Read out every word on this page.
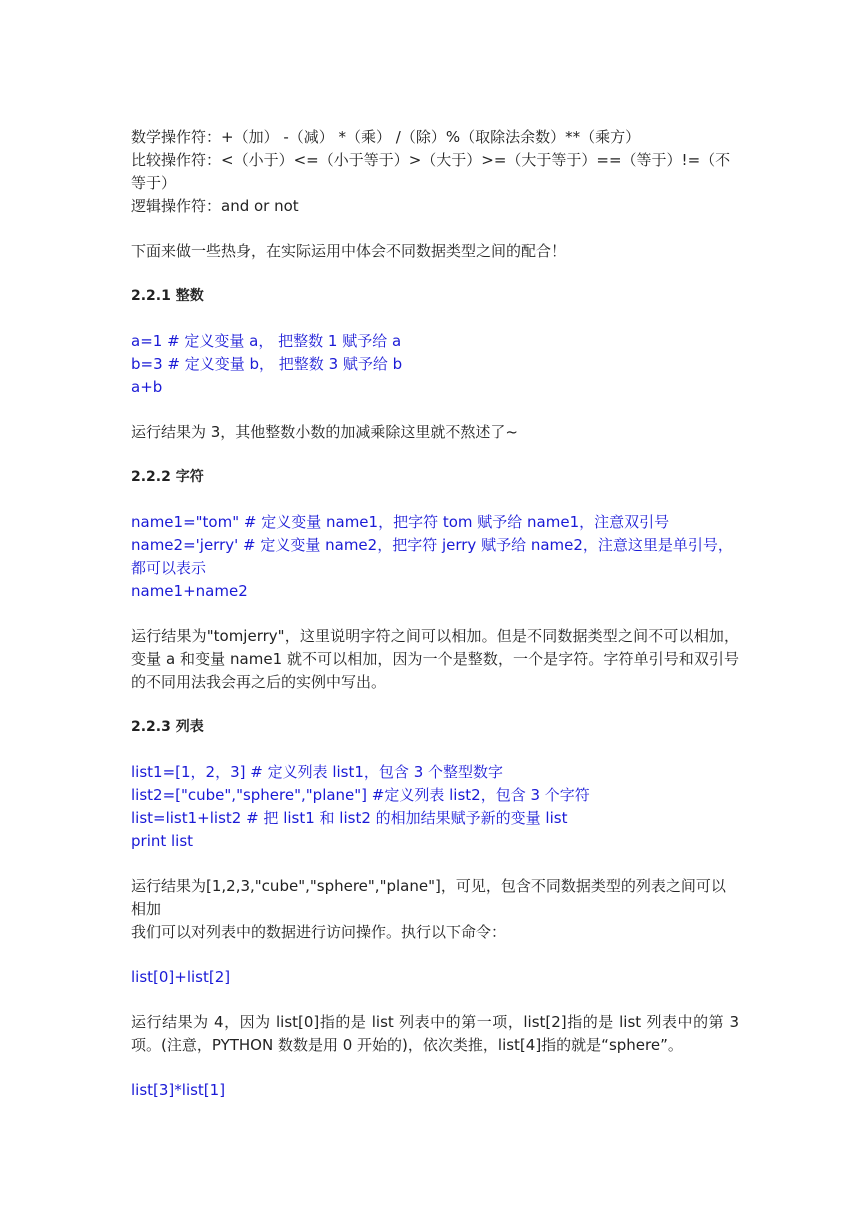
数学操作符：+（加） -（减） *（乘） /（除）%（取除法余数）**（乘方）
比较操作符：<（小于）<=（小于等于）>（大于）>=（大于等于）==（等于）!=（不等于）
逻辑操作符：and or not
下面来做一些热身，在实际运用中体会不同数据类型之间的配合！
2.2.1 整数
a=1 # 定义变量 a， 把整数 1 赋予给 a
b=3 # 定义变量 b， 把整数 3 赋予给 b
a+b
运行结果为 3，其他整数小数的加减乘除这里就不熬述了~
2.2.2 字符
name1="tom" # 定义变量 name1，把字符 tom 赋予给 name1，注意双引号
name2='jerry' # 定义变量 name2，把字符 jerry 赋予给 name2，注意这里是单引号，都可以表示
name1+name2
运行结果为"tomjerry"，这里说明字符之间可以相加。但是不同数据类型之间不可以相加，变量 a 和变量 name1 就不可以相加，因为一个是整数，一个是字符。字符单引号和双引号的不同用法我会再之后的实例中写出。
2.2.3 列表
list1=[1，2，3] # 定义列表 list1，包含 3 个整型数字
list2=["cube","sphere","plane"] #定义列表 list2，包含 3 个字符
list=list1+list2 # 把 list1 和 list2 的相加结果赋予新的变量 list
print list
运行结果为[1,2,3,"cube","sphere","plane"]，可见，包含不同数据类型的列表之间可以相加
我们可以对列表中的数据进行访问操作。执行以下命令：
list[0]+list[2]
运行结果为 4，因为 list[0]指的是 list 列表中的第一项，list[2]指的是 list 列表中的第 3 项。(注意，PYTHON 数数是用 0 开始的)，依次类推，list[4]指的就是“sphere”。
list[3]*list[1]
